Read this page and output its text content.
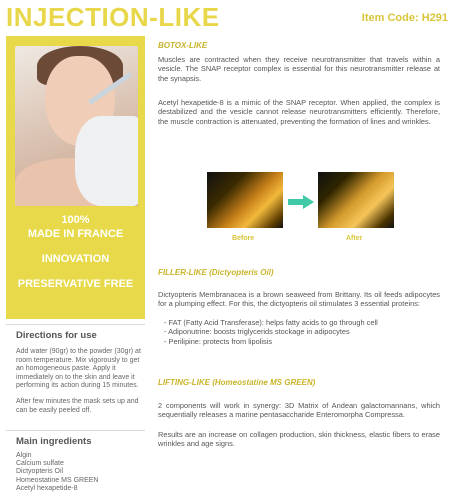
INJECTION-LIKE	Item Code: H291
100%
MADE IN FRANCE
INNOVATION
PRESERVATIVE FREE
Directions for use
Add water (90gr) to the powder (30gr) at room temperature. Mix vigorously to get an homogeneous paste. Apply it immediately on to the skin and leave it performing its action during 15 minutes.
After few minutes the mask sets up and can be easily peeled off.
Main ingredients
Algin
Calcium sulfate
Dictyopteris Oil
Homeostatine MS GREEN
Acetyl hexapetide-8
BOTOX-LIKE
Muscles are contracted when they receive neurotransmitter that travels within a vesicle. The SNAP receptor complex is essential for this neurotransmitter release at the synapsis.
Acetyl hexapetide-8 is a mimic of the SNAP receptor. When applied, the complex is destabilized and the vesicle cannot release neurotransmitters efficiently. Therefore, the muscle contraction is attenuated, preventing the formation of lines and wrinkles.
Before	After
FILLER-LIKE (Dictyopteris Oil)
Dictyopteris Membranacea is a brown seaweed from Brittany. Its oil feeds adipocytes for a plumping effect. For this, the dictyopteris oil stimulates 3 essential proteins:
- FAT (Fatty Acid Transferase): helps fatty acids to go through cell
- Adiponutrine: boosts triglycerids stockage in adipocytes
- Perilipine: protects from lipolisis
LIFTING-LIKE (Homeostatine MS GREEN)
2 components will work in synergy: 3D Matrix of Andean galactomannans, which sequentially releases a marine pentasaccharide Enteromorpha Compressa.
Results are an increase on collagen production, skin thickness, elastic fibers to erase wrinkles and age signs.
